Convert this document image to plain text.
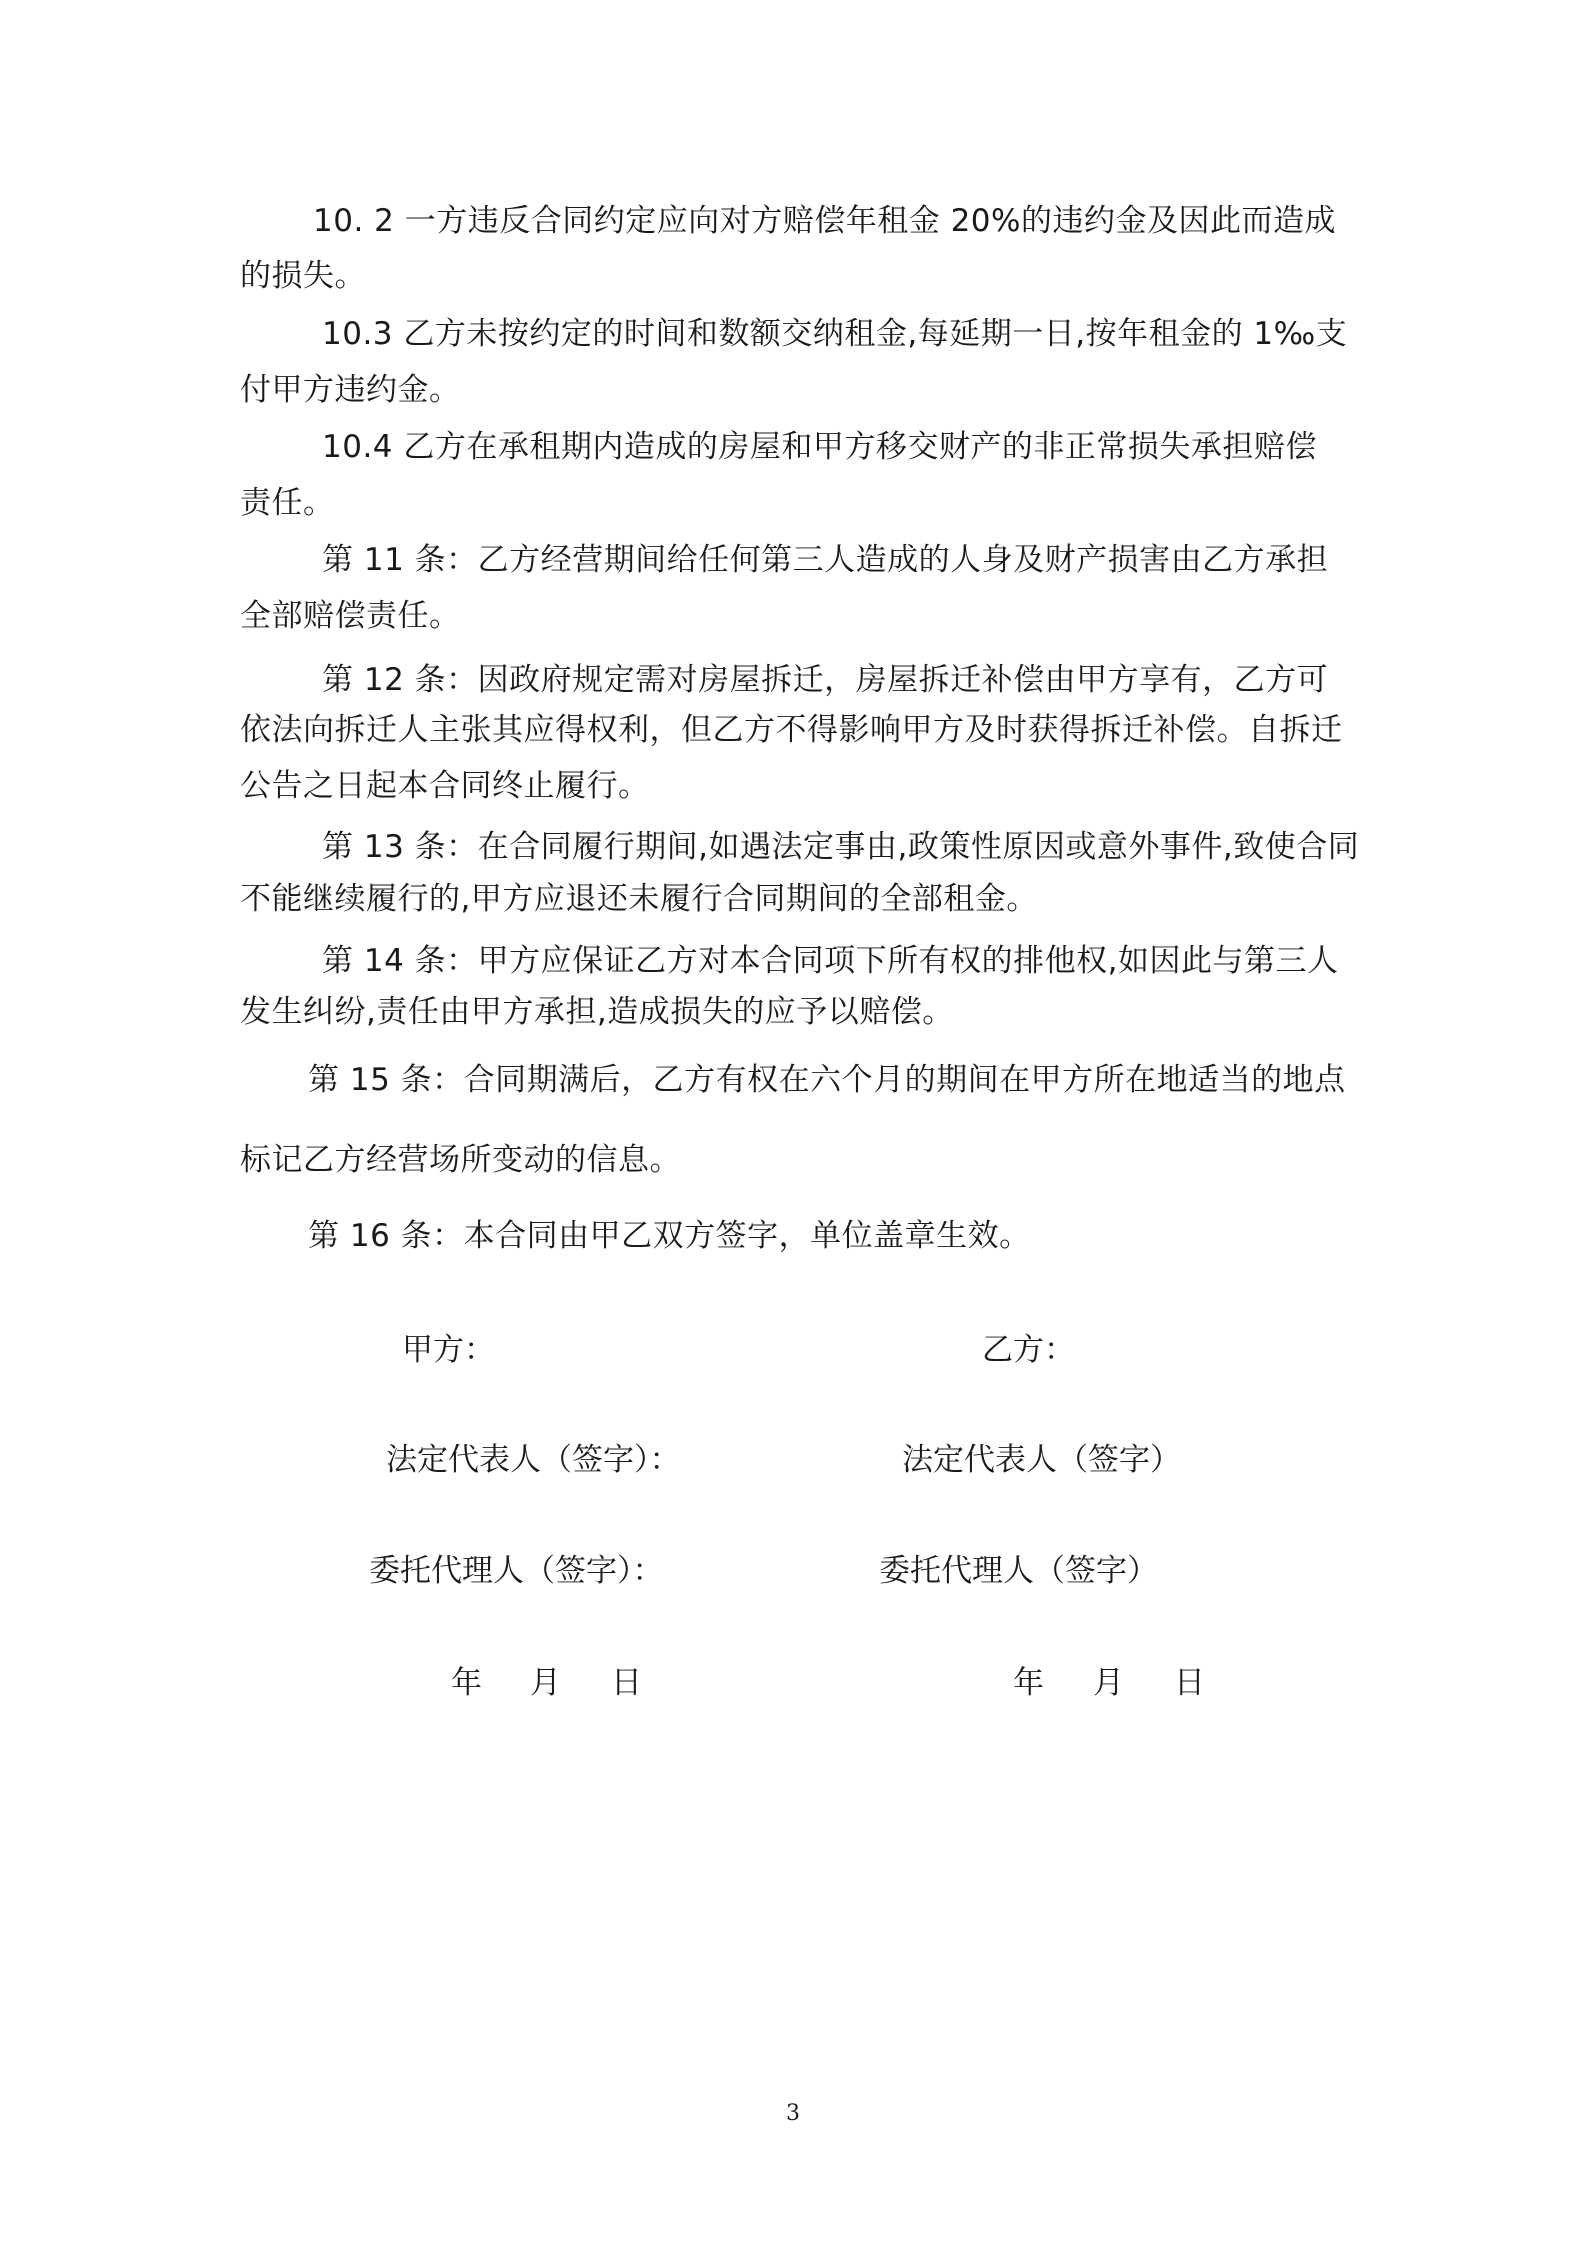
10. 2 一方违反合同约定应向对方赔偿年租金 20%的违约金及因此而造成
的损失。
10.3 乙方未按约定的时间和数额交纳租金,每延期一日,按年租金的 1‰支
付甲方违约金。
10.4 乙方在承租期内造成的房屋和甲方移交财产的非正常损失承担赔偿
责任。
第 11 条：乙方经营期间给任何第三人造成的人身及财产损害由乙方承担
全部赔偿责任。
第 12 条：因政府规定需对房屋拆迁，房屋拆迁补偿由甲方享有，乙方可
依法向拆迁人主张其应得权利，但乙方不得影响甲方及时获得拆迁补偿。自拆迁
公告之日起本合同终止履行。
第 13 条：在合同履行期间,如遇法定事由,政策性原因或意外事件,致使合同
不能继续履行的,甲方应退还未履行合同期间的全部租金。
第 14 条：甲方应保证乙方对本合同项下所有权的排他权,如因此与第三人
发生纠纷,责任由甲方承担,造成损失的应予以赔偿。
第 15 条：合同期满后，乙方有权在六个月的期间在甲方所在地适当的地点
标记乙方经营场所变动的信息。
第 16 条：本合同由甲乙双方签字，单位盖章生效。
甲方：
法定代表人（签字）：
委托代理人（签字）：
年 月 日
乙方：
法定代表人（签字）
委托代理人（签字）
年 月 日
3
